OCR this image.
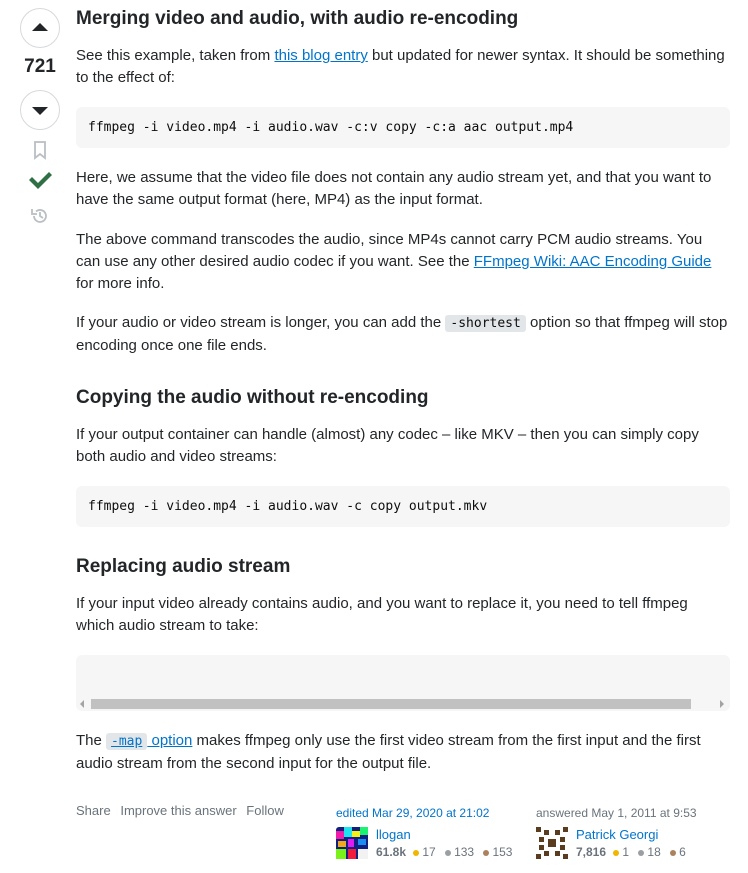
721
Merging video and audio, with audio re-encoding

See this example, taken from this blog entry but updated for newer syntax. It should be something to the effect of:

ffmpeg -i video.mp4 -i audio.wav -c:v copy -c:a aac output.mp4

Here, we assume that the video file does not contain any audio stream yet, and that you want to have the same output format (here, MP4) as the input format.

The above command transcodes the audio, since MP4s cannot carry PCM audio streams. You can use any other desired audio codec if you want. See the FFmpeg Wiki: AAC Encoding Guide for more info.

If your audio or video stream is longer, you can add the -shortest option so that ffmpeg will stop encoding once one file ends.

Copying the audio without re-encoding

If your output container can handle (almost) any codec – like MKV – then you can simply copy both audio and video streams:

ffmpeg -i video.mp4 -i audio.wav -c copy output.mkv
Replacing audio stream

If your input video already contains audio, and you want to replace it, you need to tell ffmpeg which audio stream to take:

The -map option makes ffmpeg only use the first video stream from the first input and the first audio stream from the second input for the output file.

Share Improve this answer Follow	edited Mar 29, 2020 at 21:02
llogan
61.8k 17 133 153
answered May 1, 2011 at 9:53
Patrick Georgi
7,816 1 18 6
